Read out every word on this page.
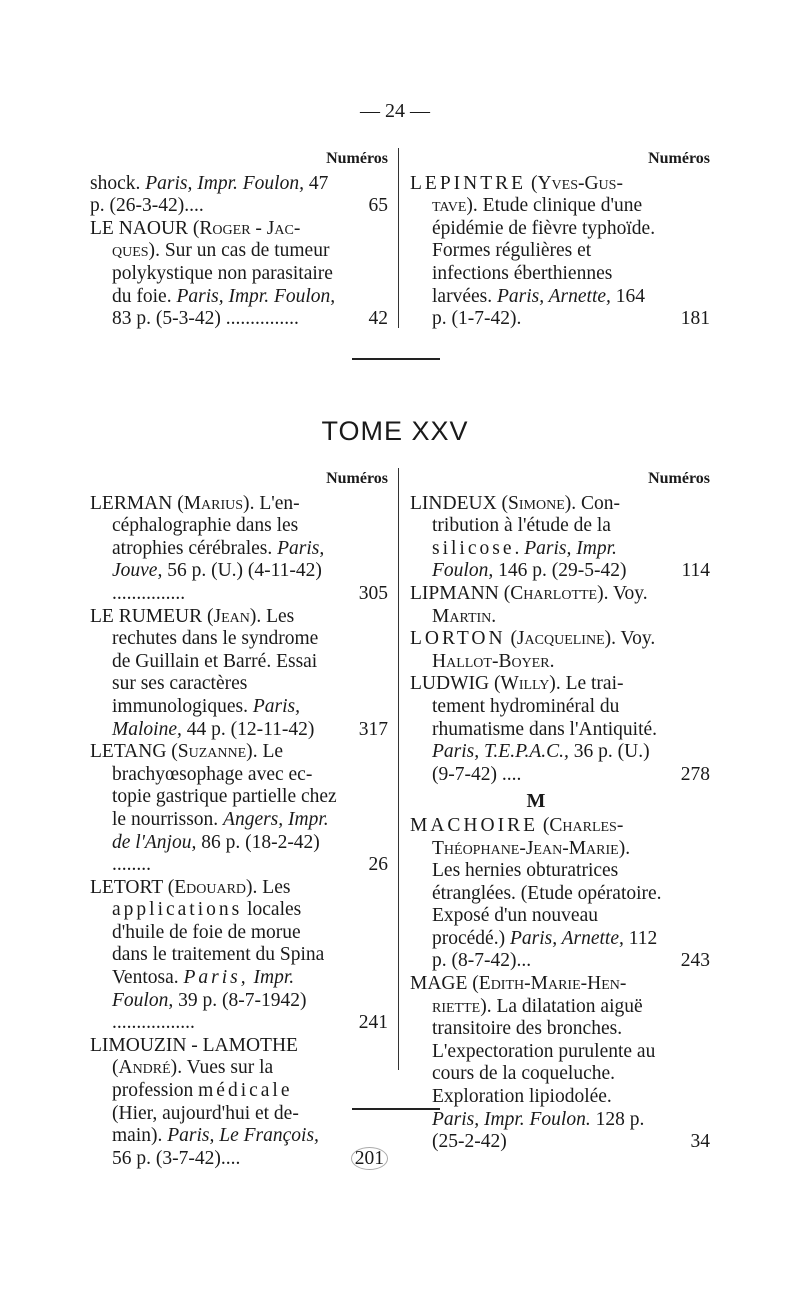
— 24 —
Numéros
shock. Paris, Impr. Foulon, 47 p. (26-3-42)....	65
LE NAOUR (Roger - Jacques). Sur un cas de tumeur polykystique non parasitaire du foie. Paris, Impr. Foulon, 83 p. (5-3-42) ...............	42
Numéros
LEPINTRE (Yves-Gustave). Etude clinique d'une épidémie de fièvre typhoïde. Formes régulières et infections éberthiennes larvées. Paris, Arnette, 164 p. (1-7-42).	181
TOME XXV
Numéros
LERMAN (Marius). L'encéphalographie dans les atrophies cérébrales. Paris, Jouve, 56 p. (U.) (4-11-42) ...............	305
LE RUMEUR (Jean). Les rechutes dans le syndrome de Guillain et Barré. Essai sur ses caractères immunologiques. Paris, Maloine, 44 p. (12-11-42) 317
LETANG (Suzanne). Le brachyœsophage avec ectopie gastrique partielle chez le nourrisson. Angers, Impr. de l'Anjou, 86 p. (18-2-42) ........	26
LETORT (Edouard). Les applications locales d'huile de foie de morue dans le traitement du Spina Ventosa. Paris, Impr. Foulon, 39 p. (8-7-1942) .................	241
LIMOUZIN - LAMOTHE (André). Vues sur la profession médicale (Hier, aujourd'hui et demain). Paris, Le François, 56 p. (3-7-42)....	201
Numéros
LINDEUX (Simone). Contribution à l'étude de la silicose. Paris, Impr. Foulon, 146 p. (29-5-42)	114
LIPMANN (Charlotte). Voy. Martin.
LORTON (Jacqueline). Voy. Hallot-Boyer.
LUDWIG (Willy). Le traitement hydrominéral du rhumatisme dans l'Antiquité. Paris, T.E.P.A.C., 36 p. (U.) (9-7-42) ....	278
M
MACHOIRE (Charles-Théophane-Jean-Marie). Les hernies obturatrices étranglées. (Etude opératoire. Exposé d'un nouveau procédé.) Paris, Arnette, 112 p. (8-7-42)...	243
MAGE (Edith-Marie-Henriette). La dilatation aiguë transitoire des bronches. L'expectoration purulente au cours de la coqueluche. Exploration lipiodolée. Paris, Impr. Foulon. 128 p. (25-2-42)	34
